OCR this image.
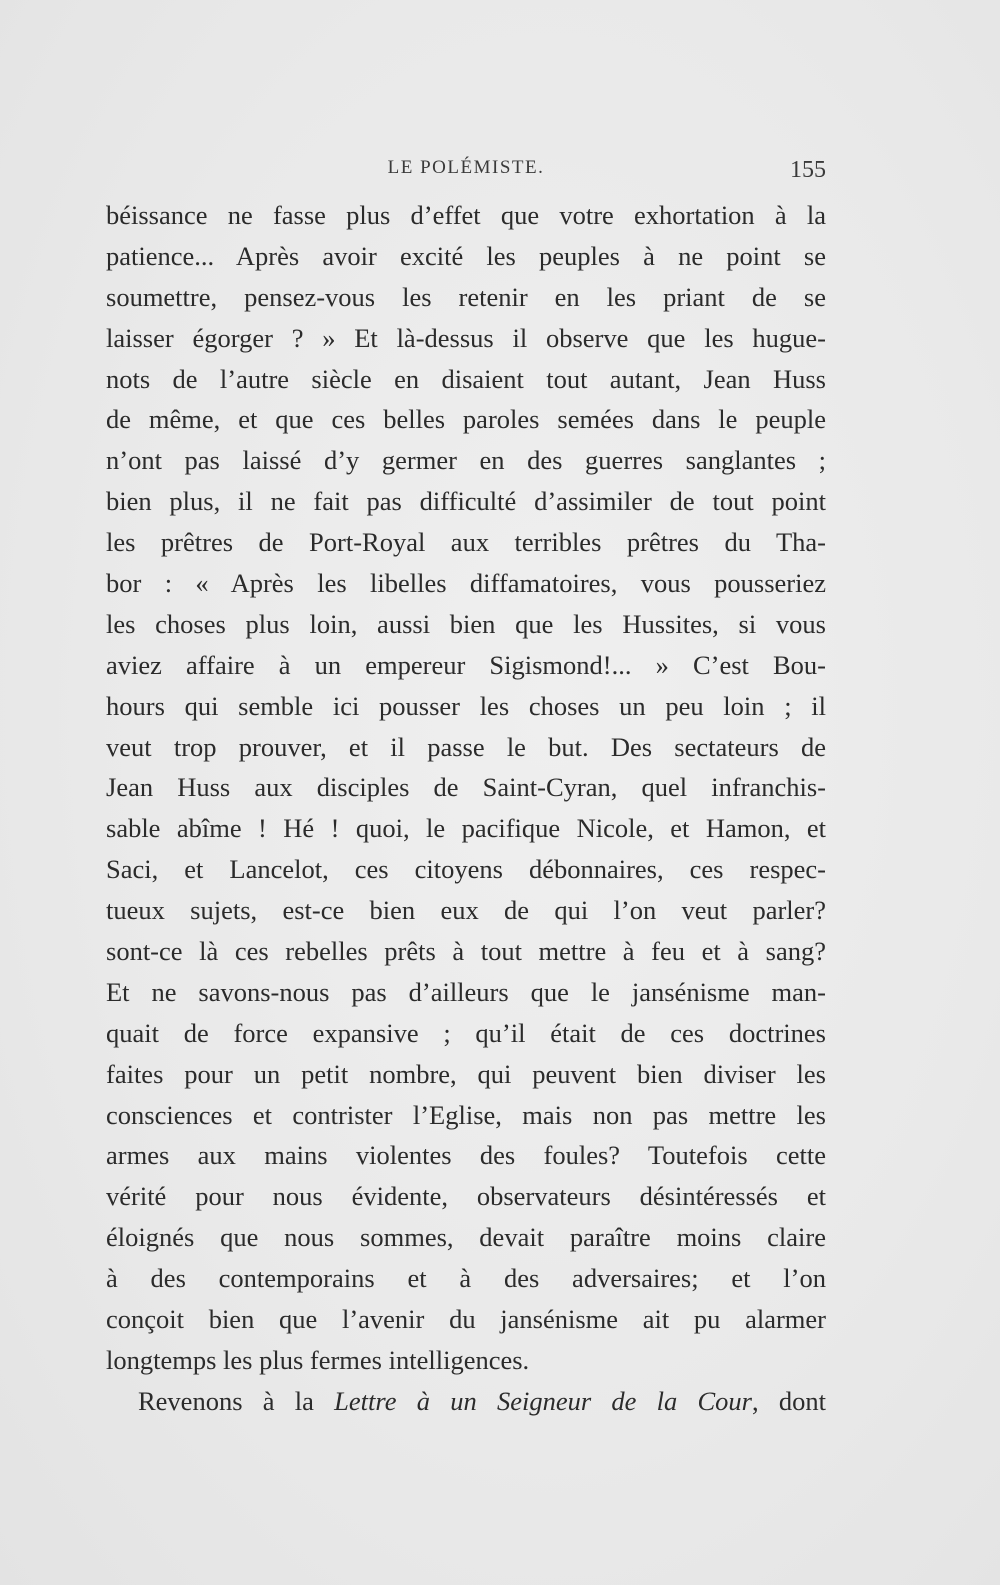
LE POLÉMISTE.	155
béissance ne fasse plus d’effet que votre exhortation à la
patience... Après avoir excité les peuples à ne point se
soumettre, pensez-vous les retenir en les priant de se
laisser égorger ? » Et là-dessus il observe que les hugue-
nots de l’autre siècle en disaient tout autant, Jean Huss
de même, et que ces belles paroles semées dans le peuple
n’ont pas laissé d’y germer en des guerres sanglantes ;
bien plus, il ne fait pas difficulté d’assimiler de tout point
les prêtres de Port-Royal aux terribles prêtres du Tha-
bor : « Après les libelles diffamatoires, vous pousseriez
les choses plus loin, aussi bien que les Hussites, si vous
aviez affaire à un empereur Sigismond!... » C’est Bou-
hours qui semble ici pousser les choses un peu loin ; il
veut trop prouver, et il passe le but. Des sectateurs de
Jean Huss aux disciples de Saint-Cyran, quel infranchis-
sable abîme ! Hé ! quoi, le pacifique Nicole, et Hamon, et
Saci, et Lancelot, ces citoyens débonnaires, ces respec-
tueux sujets, est-ce bien eux de qui l’on veut parler?
sont-ce là ces rebelles prêts à tout mettre à feu et à sang?
Et ne savons-nous pas d’ailleurs que le jansénisme man-
quait de force expansive ; qu’il était de ces doctrines
faites pour un petit nombre, qui peuvent bien diviser les
consciences et contrister l’Eglise, mais non pas mettre les
armes aux mains violentes des foules? Toutefois cette
vérité pour nous évidente, observateurs désintéressés et
éloignés que nous sommes, devait paraître moins claire
à des contemporains et à des adversaires; et l’on
conçoit bien que l’avenir du jansénisme ait pu alarmer
longtemps les plus fermes intelligences.
Revenons à la Lettre à un Seigneur de la Cour, dont
